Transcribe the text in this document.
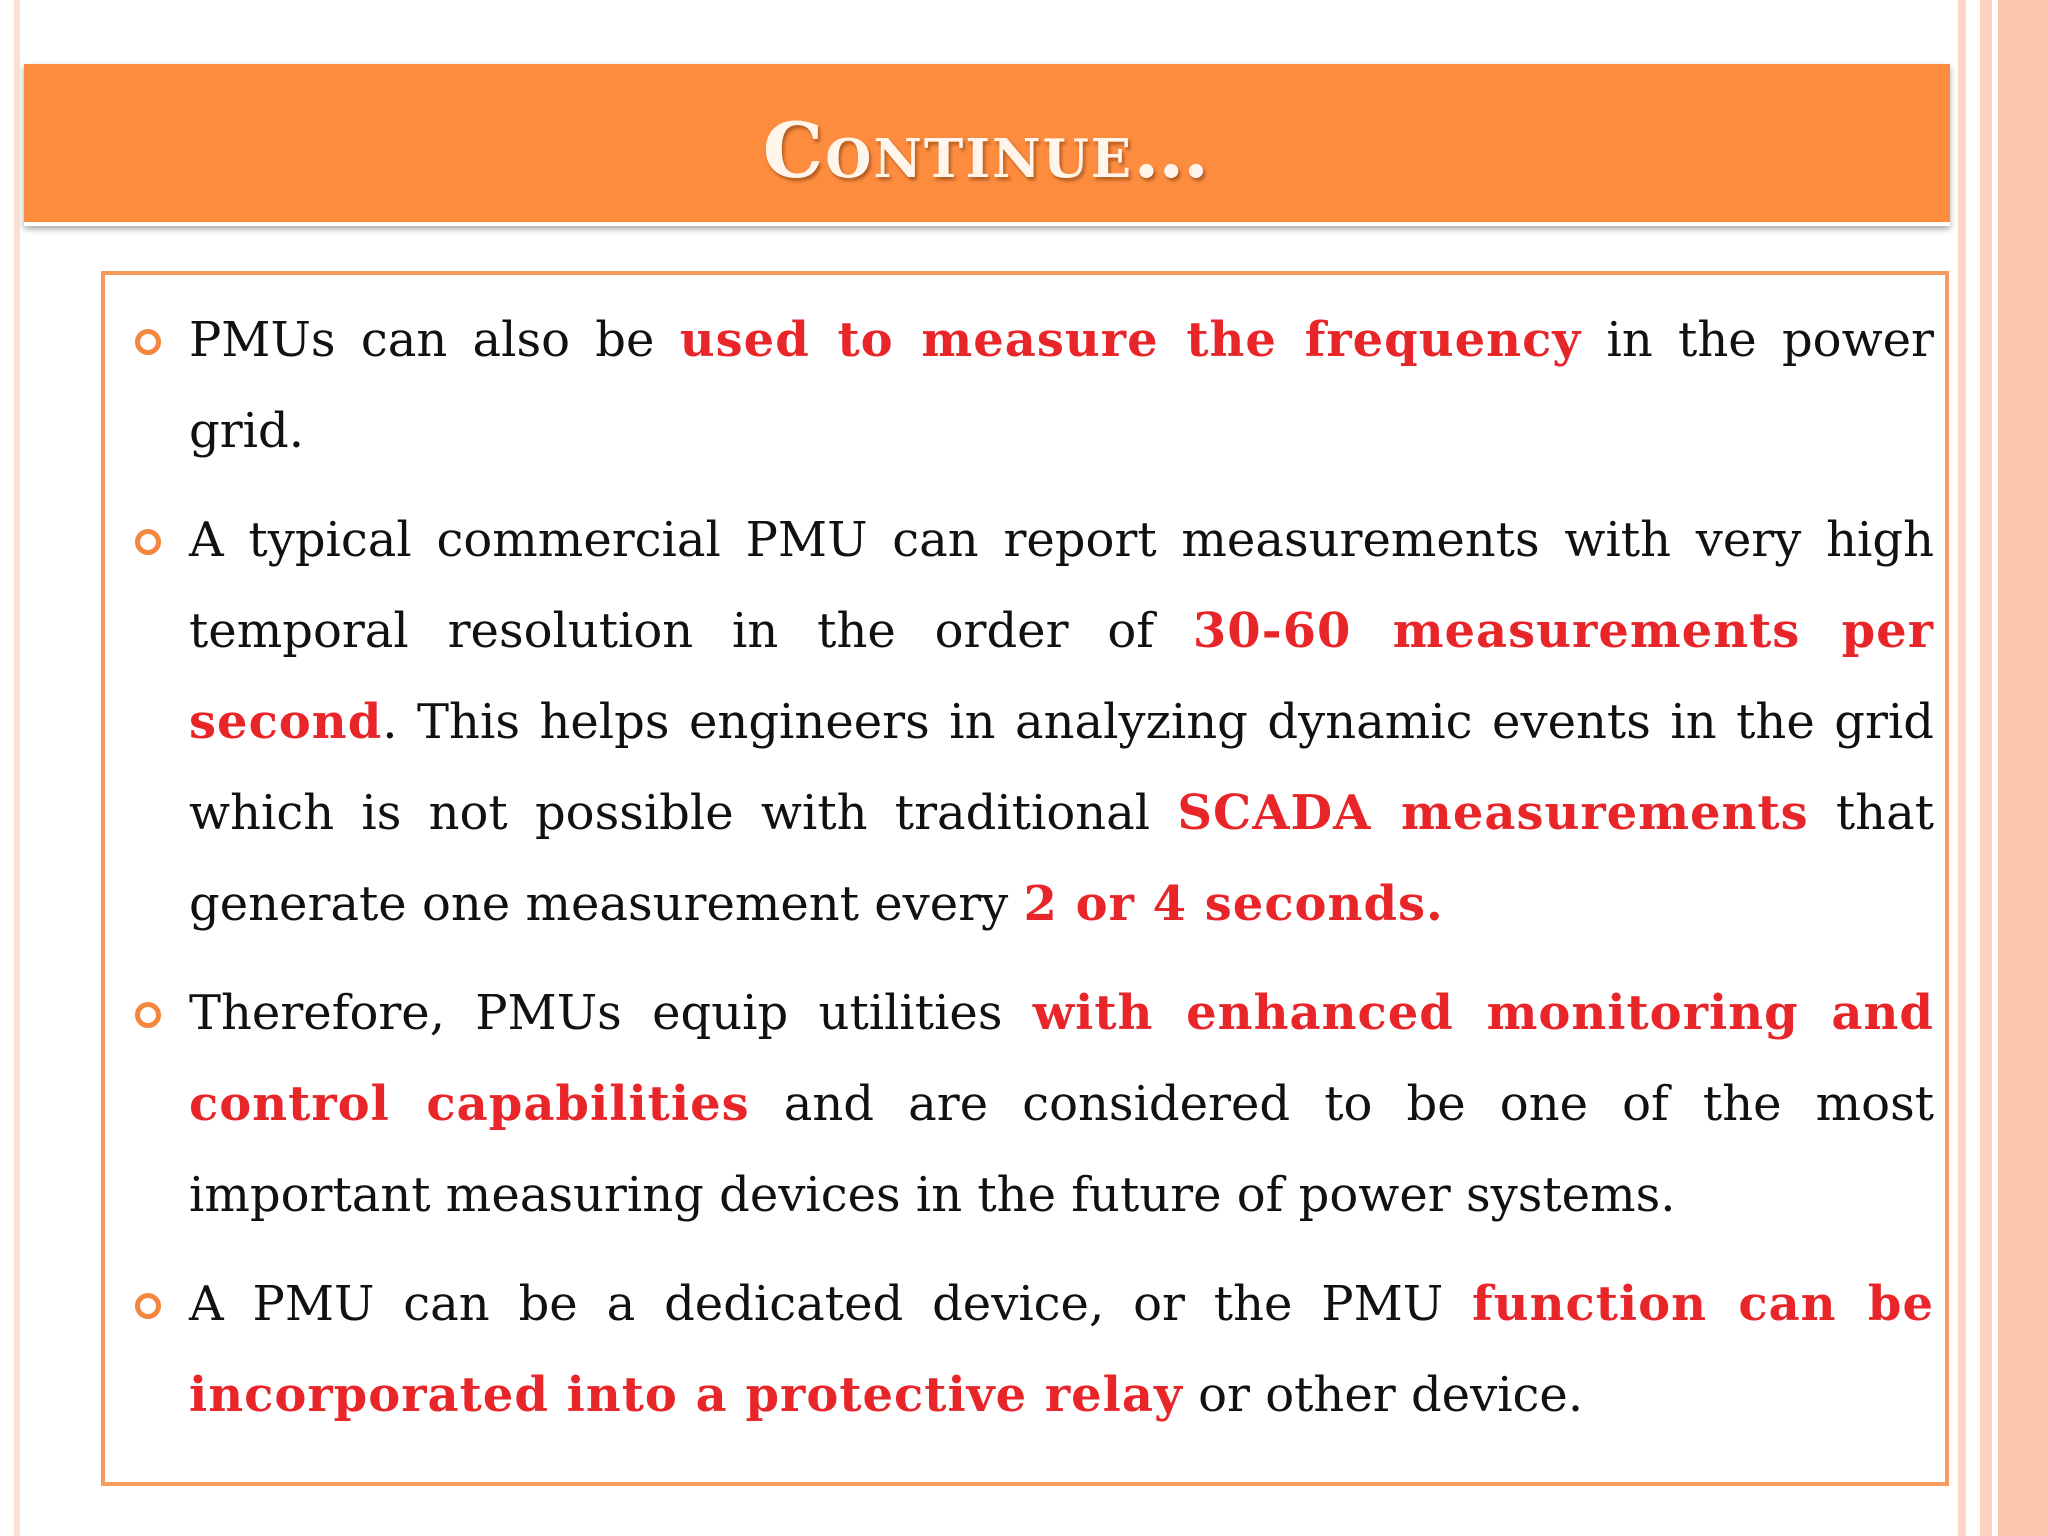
Continue…
PMUs can also be used to measure the frequency in the power grid.
A typical commercial PMU can report measurements with very high temporal resolution in the order of 30-60 measurements per second. This helps engineers in analyzing dynamic events in the grid which is not possible with traditional SCADA measurements that generate one measurement every 2 or 4 seconds.
Therefore, PMUs equip utilities with enhanced monitoring and control capabilities and are considered to be one of the most important measuring devices in the future of power systems.
A PMU can be a dedicated device, or the PMU function can be incorporated into a protective relay or other device.
